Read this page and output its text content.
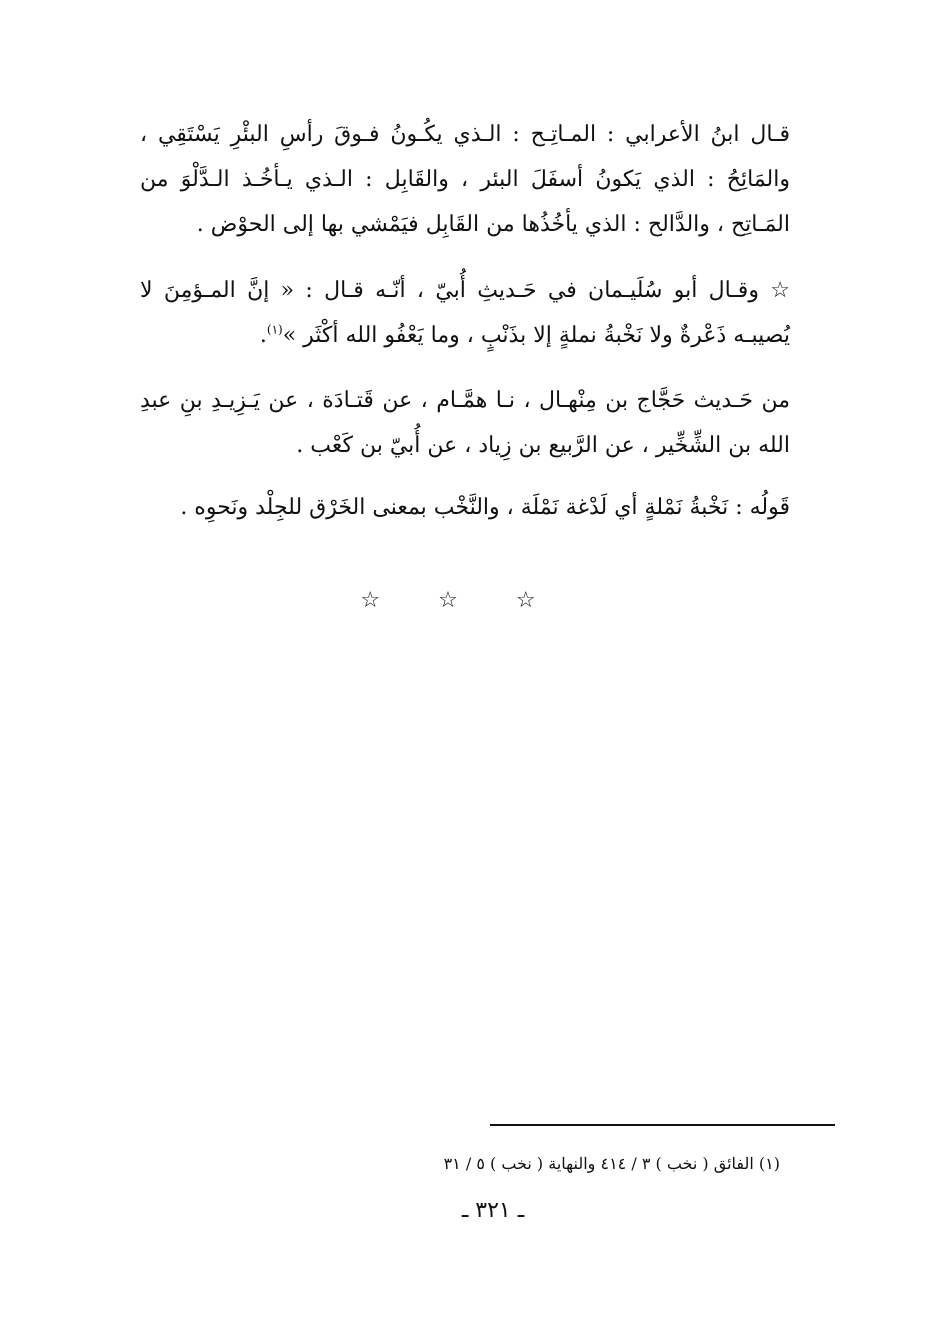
قـال ابنُ الأعرابي : المـاتِـح : الـذي يكُـونُ فـوقَ رأسِ البئْرِ يَسْتَقِي ، والمَائِحُ : الذي يَكونُ أسفَلَ البئر ، والقَابِل : الـذي يـأخُـذ الـدَّلْوَ من المَـاتِح ، والدَّالح : الذي يأخُذُها من القَابِل فيَمْشي بها إلى الحوْض .

☆ وقـال أبو سُلَيـمان في حَـديثِ أُبيّ ، أنّـه قـال : « إنَّ المـؤمِنَ لا يُصيبـه ذَعْرةٌ ولا نَخْبةُ نملةٍ إلا بذَنْبٍ ، وما يَعْفُو الله أكْثَر »$^{(١)}$.

من حَـديث حَجَّاج بن مِنْهـال ، نـا همَّـام ، عن قَتـادَة ، عن يَـزِيـدِ بنِ عبدِ الله بن الشِّخِّير ، عن الرَّبيع بن زِياد ، عن أُبيّ بن كَعْب .

قَولُه : نَخْبةُ نَمْلةٍ أي لَدْغة نَمْلَة ، والنَّخْب بمعنى الخَرْق للجِلْد ونَحوِه .

☆ ☆ ☆

(١) الفائق ( نخب ) ٣ / ٤١٤ والنهاية ( نخب ) ٥ / ٣١

ـ ٣٢١ ـ
